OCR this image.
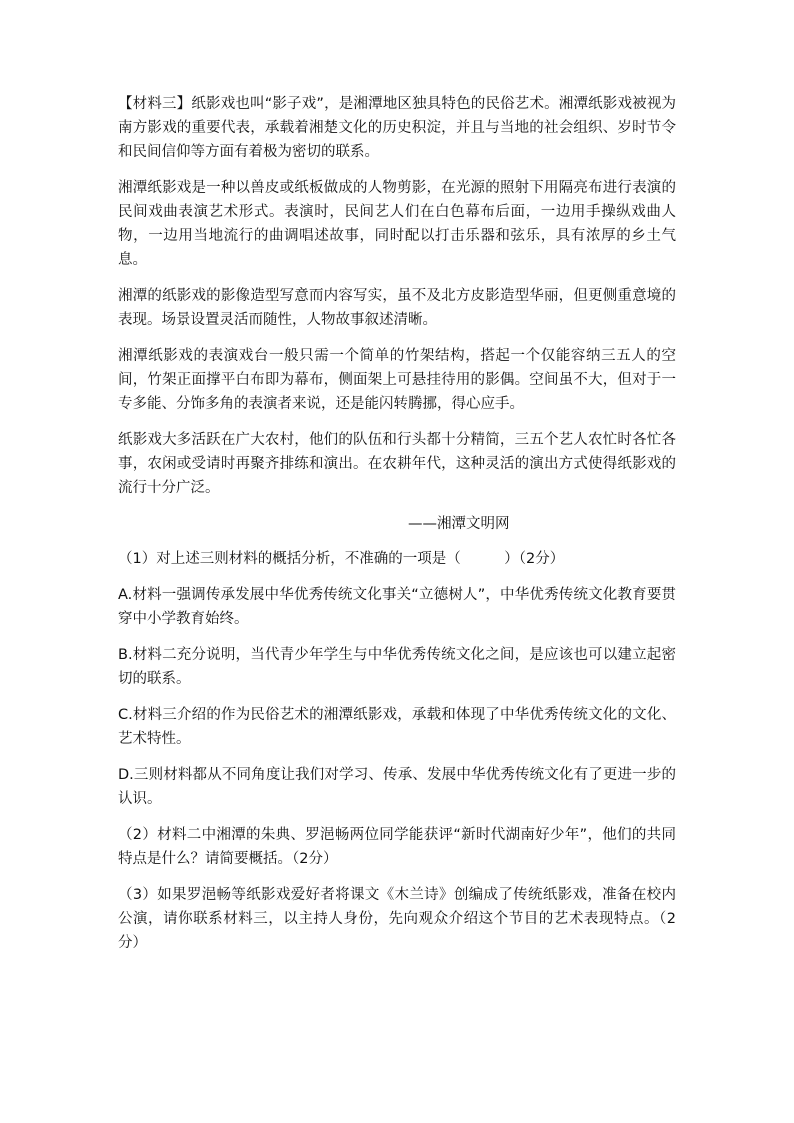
【材料三】纸影戏也叫“影子戏”，是湘潭地区独具特色的民俗艺术。湘潭纸影戏被视为南方影戏的重要代表，承载着湘楚文化的历史积淀，并且与当地的社会组织、岁时节令和民间信仰等方面有着极为密切的联系。

湘潭纸影戏是一种以兽皮或纸板做成的人物剪影，在光源的照射下用隔亮布进行表演的民间戏曲表演艺术形式。表演时，民间艺人们在白色幕布后面，一边用手操纵戏曲人物，一边用当地流行的曲调唱述故事，同时配以打击乐器和弦乐，具有浓厚的乡土气息。

湘潭的纸影戏的影像造型写意而内容写实，虽不及北方皮影造型华丽，但更侧重意境的表现。场景设置灵活而随性，人物故事叙述清晰。

湘潭纸影戏的表演戏台一般只需一个简单的竹架结构，搭起一个仅能容纳三五人的空间，竹架正面撑平白布即为幕布，侧面架上可悬挂待用的影偶。空间虽不大，但对于一专多能、分饰多角的表演者来说，还是能闪转腾挪，得心应手。

纸影戏大多活跃在广大农村，他们的队伍和行头都十分精简，三五个艺人农忙时各忙各事，农闲或受请时再聚齐排练和演出。在农耕年代，这种灵活的演出方式使得纸影戏的流行十分广泛。

——湘潭文明网

（1）对上述三则材料的概括分析，不准确的一项是（　　　）（2分）

A.材料一强调传承发展中华优秀传统文化事关“立德树人”，中华优秀传统文化教育要贯穿中小学教育始终。

B.材料二充分说明，当代青少年学生与中华优秀传统文化之间，是应该也可以建立起密切的联系。

C.材料三介绍的作为民俗艺术的湘潭纸影戏，承载和体现了中华优秀传统文化的文化、艺术特性。

D.三则材料都从不同角度让我们对学习、传承、发展中华优秀传统文化有了更进一步的认识。

（2）材料二中湘潭的朱典、罗浥畅两位同学能获评“新时代湖南好少年”，他们的共同特点是什么？请简要概括。（2分）

（3）如果罗浥畅等纸影戏爱好者将课文《木兰诗》创编成了传统纸影戏，准备在校内公演，请你联系材料三，以主持人身份，先向观众介绍这个节目的艺术表现特点。（2分）
